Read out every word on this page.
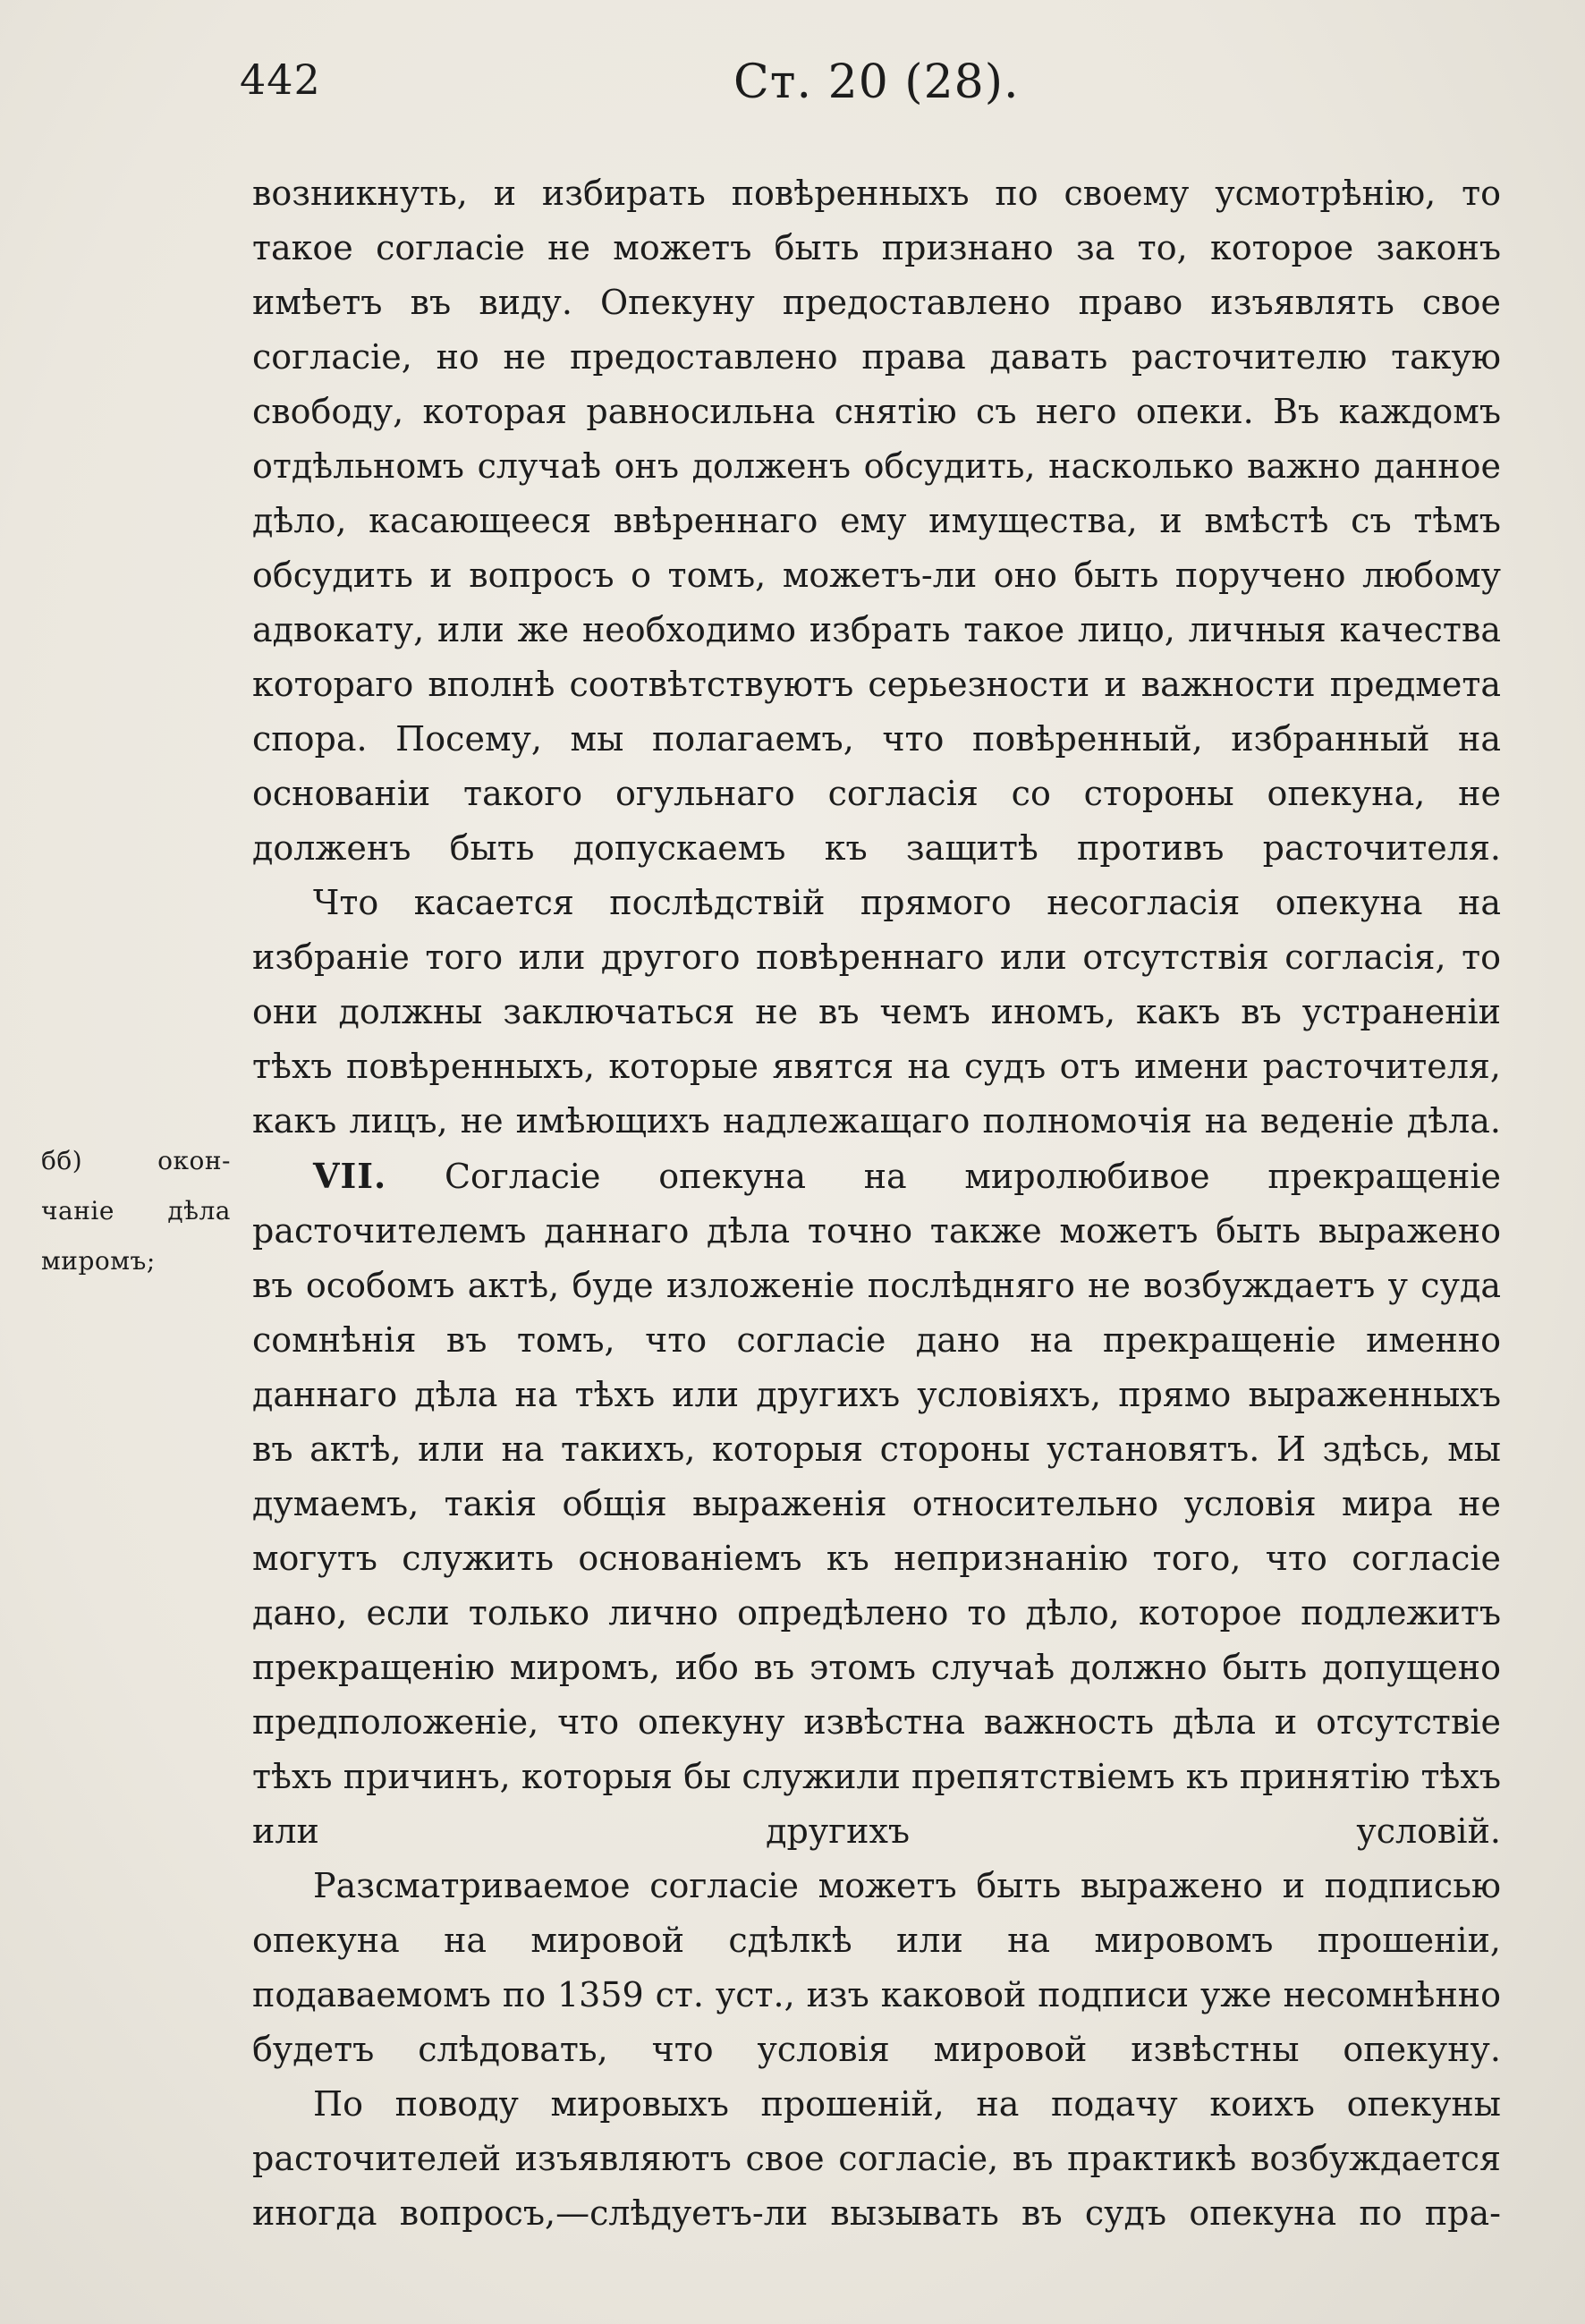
442	Ст. 20 (28).
бб) окон-
чаніе дѣла
миромъ;

возникнуть, и избирать повѣренныхъ по своему усмотрѣнію, то такое согласіе не можетъ быть признано за то, которое законъ имѣетъ въ виду. Опекуну предоставлено право изъявлять свое согласіе, но не предоставлено права давать расточителю такую свободу, которая равносильна снятію съ него опеки. Въ каждомъ отдѣльномъ случаѣ онъ долженъ обсудить, насколько важно данное дѣло, касающееся ввѣреннаго ему имущества, и вмѣстѣ съ тѣмъ обсудить и вопросъ о томъ, можетъ-ли оно быть поручено любому адвокату, или же необходимо избрать такое лицо, личныя качества котораго вполнѣ соотвѣтствуютъ серьезности и важности предмета спора. Посему, мы полагаемъ, что повѣренный, избранный на основаніи такого огульнаго согласія со стороны опекуна, не долженъ быть допускаемъ къ защитѣ противъ расточителя.

Что касается послѣдствій прямого несогласія опекуна на избраніе того или другого повѣреннаго или отсутствія согласія, то они должны заключаться не въ чемъ иномъ, какъ въ устраненіи тѣхъ повѣренныхъ, которые явятся на судъ отъ имени расточителя, какъ лицъ, не имѣющихъ надлежащаго полномочія на веденіе дѣла.

VII. Согласіе опекуна на миролюбивое прекращеніе расточителемъ даннаго дѣла точно также можетъ быть выражено въ особомъ актѣ, буде изложеніе послѣдняго не возбуждаетъ у суда сомнѣнія въ томъ, что согласіе дано на прекращеніе именно даннаго дѣла на тѣхъ или другихъ условіяхъ, прямо выраженныхъ въ актѣ, или на такихъ, которыя стороны установятъ. И здѣсь, мы думаемъ, такія общія выраженія относительно условія мира не могутъ служить основаніемъ къ непризнанію того, что согласіе дано, если только лично опредѣлено то дѣло, которое подлежитъ прекращенію миромъ, ибо въ этомъ случаѣ должно быть допущено предположеніе, что опекуну извѣстна важность дѣла и отсутствіе тѣхъ причинъ, которыя бы служили препятствіемъ къ принятію тѣхъ или другихъ условій.

Разсматриваемое согласіе можетъ быть выражено и подписью опекуна на мировой сдѣлкѣ или на мировомъ прошеніи, подаваемомъ по 1359 ст. уст., изъ каковой подписи уже несомнѣнно будетъ слѣдовать, что условія мировой извѣстны опекуну.

По поводу мировыхъ прошеній, на подачу коихъ опекуны расточителей изъявляютъ свое согласіе, въ практикѣ возбуждается иногда вопросъ,—слѣдуетъ-ли вызывать въ судъ опекуна по пра-
